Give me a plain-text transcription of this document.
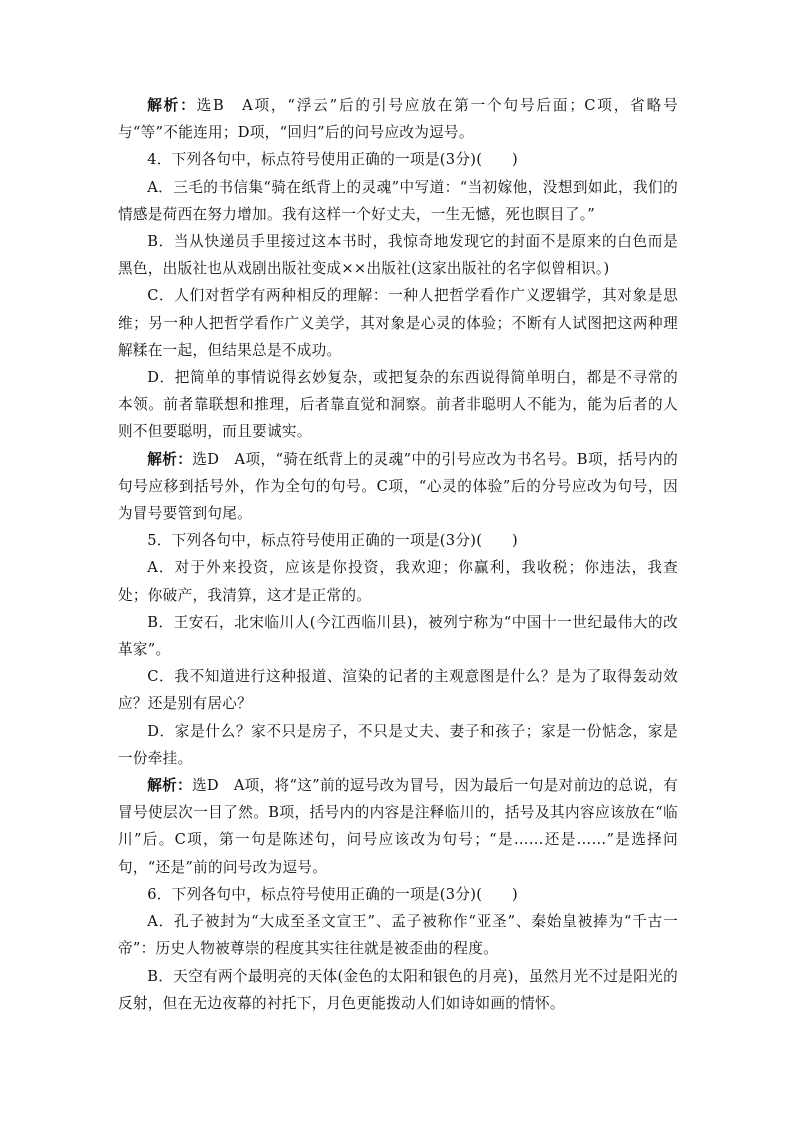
解析：选B　A项，“浮云”后的引号应放在第一个句号后面；C项，省略号与“等”不能连用；D项，“回归”后的问号应改为逗号。

4．下列各句中，标点符号使用正确的一项是(3分)(　　)

A．三毛的书信集“骑在纸背上的灵魂”中写道：“当初嫁他，没想到如此，我们的情感是荷西在努力增加。我有这样一个好丈夫，一生无憾，死也瞑目了。”

B．当从快递员手里接过这本书时，我惊奇地发现它的封面不是原来的白色而是黑色，出版社也从戏剧出版社变成××出版社(这家出版社的名字似曾相识。)

C．人们对哲学有两种相反的理解：一种人把哲学看作广义逻辑学，其对象是思维；另一种人把哲学看作广义美学，其对象是心灵的体验；不断有人试图把这两种理解糅在一起，但结果总是不成功。

D．把简单的事情说得玄妙复杂，或把复杂的东西说得简单明白，都是不寻常的本领。前者靠联想和推理，后者靠直觉和洞察。前者非聪明人不能为，能为后者的人则不但要聪明，而且要诚实。

解析：选D　A项，“骑在纸背上的灵魂”中的引号应改为书名号。B项，括号内的句号应移到括号外，作为全句的句号。C项，“心灵的体验”后的分号应改为句号，因为冒号要管到句尾。

5．下列各句中，标点符号使用正确的一项是(3分)(　　)

A．对于外来投资，应该是你投资，我欢迎；你赢利，我收税；你违法，我查处；你破产，我清算，这才是正常的。

B．王安石，北宋临川人(今江西临川县)，被列宁称为“中国十一世纪最伟大的改革家”。

C．我不知道进行这种报道、渲染的记者的主观意图是什么？是为了取得轰动效应？还是别有居心？

D．家是什么？家不只是房子，不只是丈夫、妻子和孩子；家是一份惦念，家是一份牵挂。

解析：选D　A项，将“这”前的逗号改为冒号，因为最后一句是对前边的总说，有冒号使层次一目了然。B项，括号内的内容是注释临川的，括号及其内容应该放在“临川”后。C项，第一句是陈述句，问号应该改为句号；“是……还是……”是选择问句，“还是”前的问号改为逗号。

6．下列各句中，标点符号使用正确的一项是(3分)(　　)

A．孔子被封为“大成至圣文宣王”、孟子被称作“亚圣”、秦始皇被捧为“千古一帝”：历史人物被尊崇的程度其实往往就是被歪曲的程度。

B．天空有两个最明亮的天体(金色的太阳和银色的月亮)，虽然月光不过是阳光的反射，但在无边夜幕的衬托下，月色更能拨动人们如诗如画的情怀。
